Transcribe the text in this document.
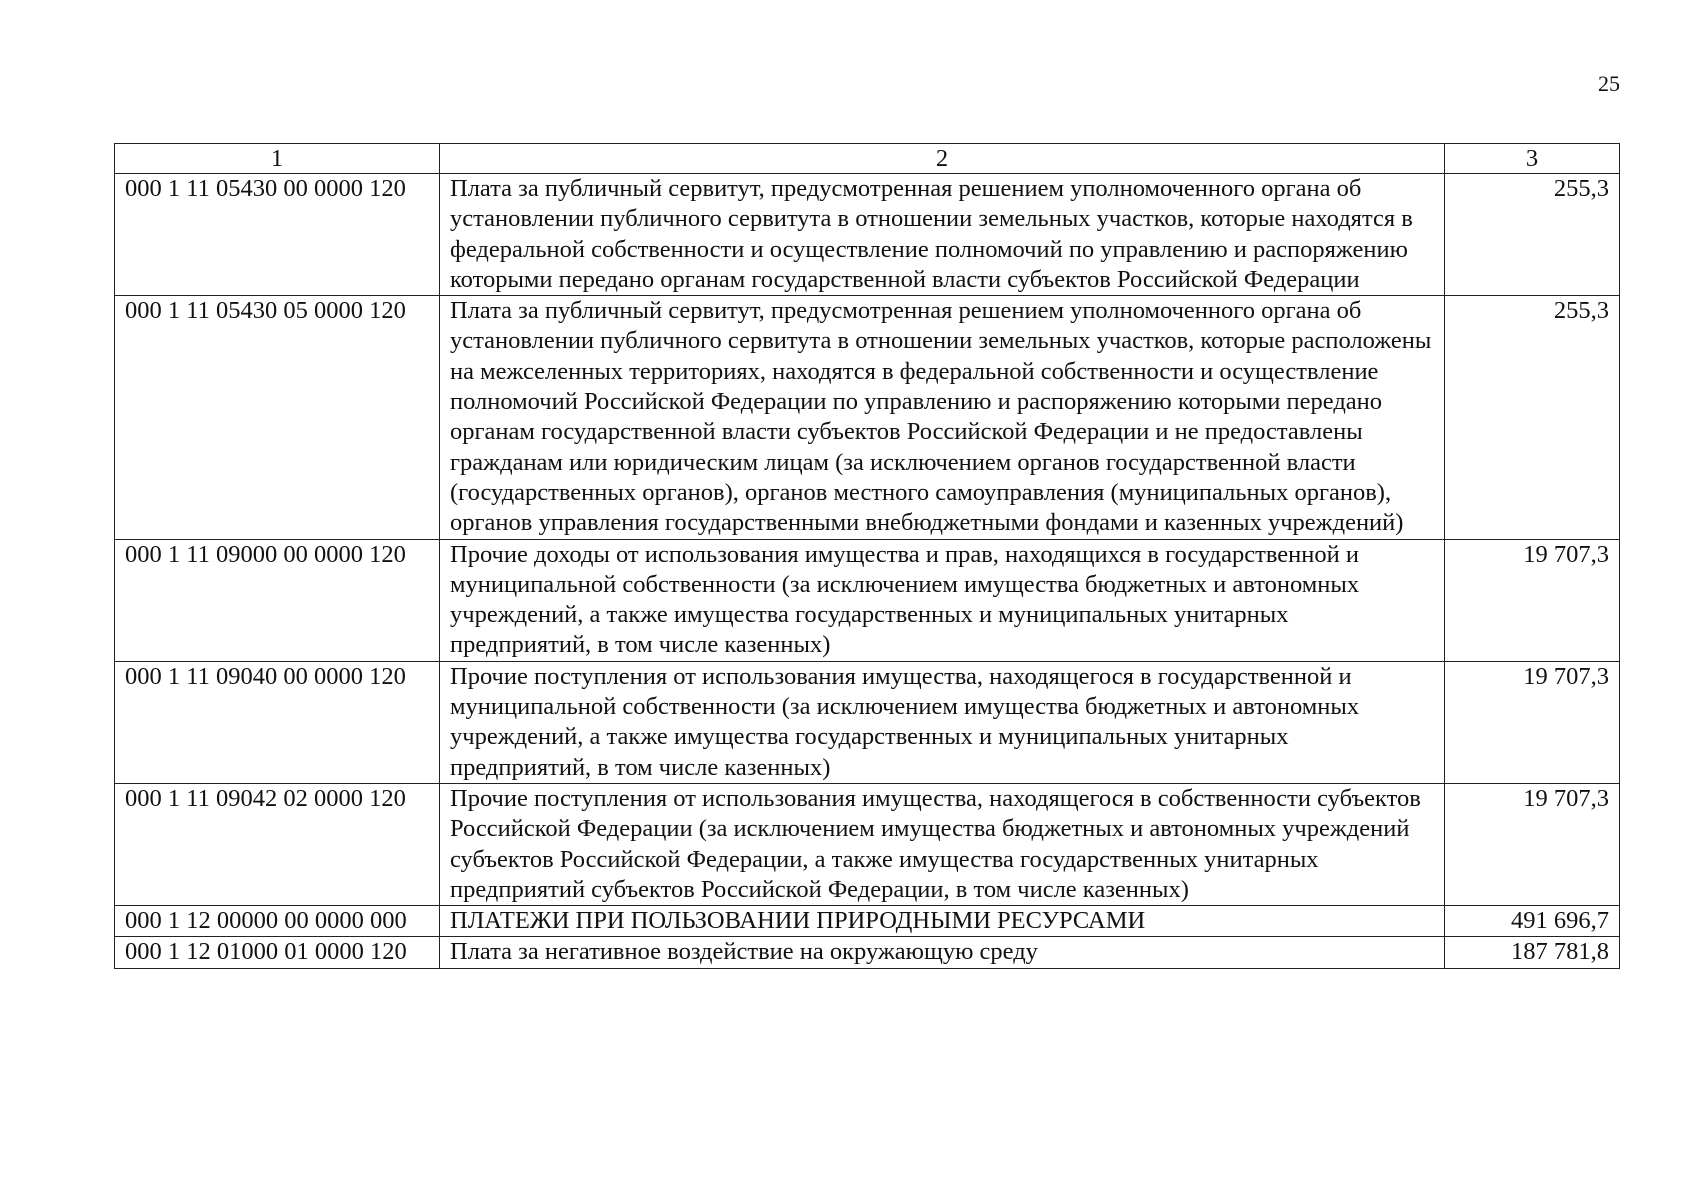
25
1	2	3
000 1 11 05430 00 0000 120	Плата за публичный сервитут, предусмотренная решением уполномоченного органа об установлении публичного сервитута в отношении земельных участков, которые находятся в федеральной собственности и осуществление полномочий по управлению и распоряжению которыми передано органам государственной власти субъектов Российской Федерации	255,3
000 1 11 05430 05 0000 120	Плата за публичный сервитут, предусмотренная решением уполномоченного органа об установлении публичного сервитута в отношении земельных участков, которые расположены на межселенных территориях, находятся в федеральной собственности и осуществление полномочий Российской Федерации по управлению и распоряжению которыми передано органам государственной власти субъектов Российской Федерации и не предоставлены гражданам или юридическим лицам (за исключением органов государственной власти (государственных органов), органов местного самоуправления (муниципальных органов), органов управления государственными внебюджетными фондами и казенных учреждений)	255,3
000 1 11 09000 00 0000 120	Прочие доходы от использования имущества и прав, находящихся в государственной и муниципальной собственности (за исключением имущества бюджетных и автономных учреждений, а также имущества государственных и муниципальных унитарных предприятий, в том числе казенных)	19 707,3
000 1 11 09040 00 0000 120	Прочие поступления от использования имущества, находящегося в государственной и муниципальной собственности (за исключением имущества бюджетных и автономных учреждений, а также имущества государственных и муниципальных унитарных предприятий, в том числе казенных)	19 707,3
000 1 11 09042 02 0000 120	Прочие поступления от использования имущества, находящегося в собственности субъектов Российской Федерации (за исключением имущества бюджетных и автономных учреждений субъектов Российской Федерации, а также имущества государственных унитарных предприятий субъектов Российской Федерации, в том числе казенных)	19 707,3
000 1 12 00000 00 0000 000	ПЛАТЕЖИ ПРИ ПОЛЬЗОВАНИИ ПРИРОДНЫМИ РЕСУРСАМИ	491 696,7
000 1 12 01000 01 0000 120	Плата за негативное воздействие на окружающую среду	187 781,8
